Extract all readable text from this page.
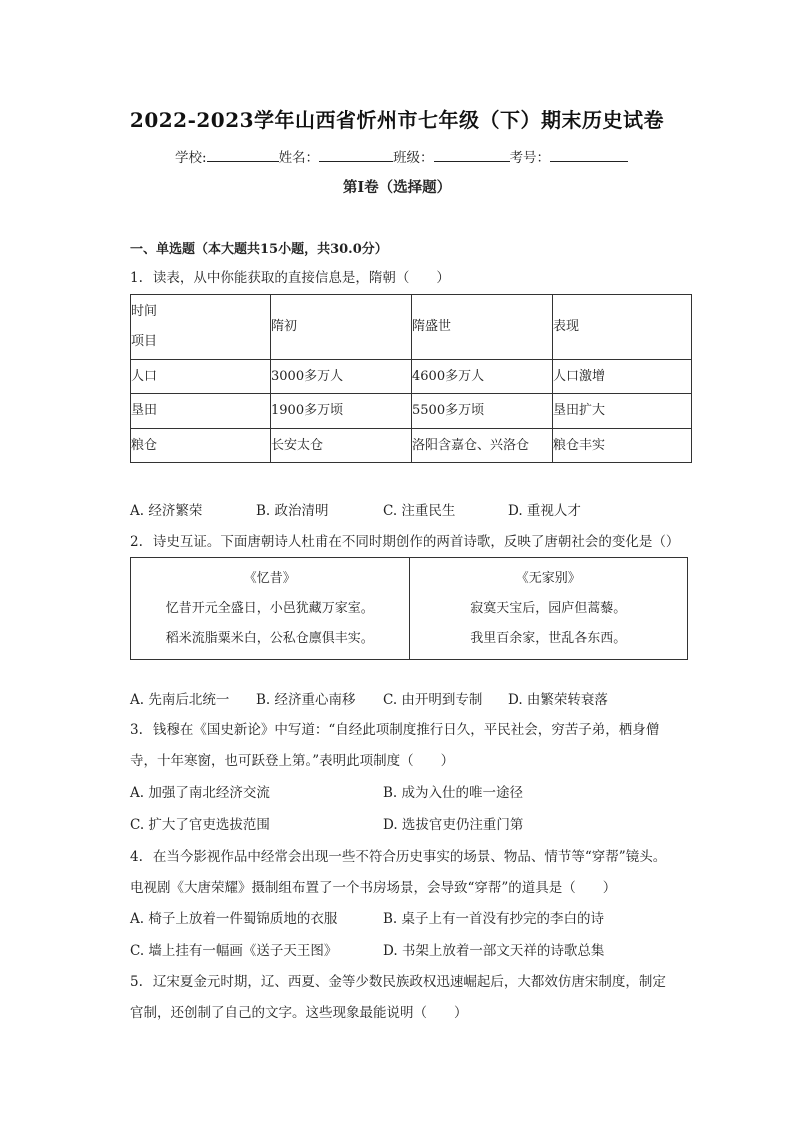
2022-2023学年山西省忻州市七年级（下）期末历史试卷
学校:	姓名：	班级：	考号：
第Ⅰ卷（选择题）
一、单选题（本大题共15小题，共30.0分）
1. 读表，从中你能获取的直接信息是，隋朝（　　）
时间
项目	隋初	隋盛世	表现
人口	3000多万人	4600多万人	人口激增
垦田	1900多万顷	5500多万顷	垦田扩大
粮仓	长安太仓	洛阳含嘉仓、兴洛仓	粮仓丰实
A. 经济繁荣	B. 政治清明	C. 注重民生	D. 重视人才
2. 诗史互证。下面唐朝诗人杜甫在不同时期创作的两首诗歌，反映了唐朝社会的变化是（）
《忆昔》
忆昔开元全盛日，小邑犹藏万家室。
稻米流脂粟米白，公私仓廪俱丰实。

《无家别》
寂寞天宝后，园庐但蒿藜。
我里百余家，世乱各东西。
A. 先南后北统一 B. 经济重心南移 C. 由开明到专制 D. 由繁荣转衰落
3. 钱穆在《国史新论》中写道：“自经此项制度推行日久，平民社会，穷苦子弟，栖身僧
寺，十年寒窗，也可跃登上第。”表明此项制度（　　）
A. 加强了南北经济交流	B. 成为入仕的唯一途径
C. 扩大了官吏选拔范围	D. 选拔官吏仍注重门第
4. 在当今影视作品中经常会出现一些不符合历史事实的场景、物品、情节等“穿帮”镜头。
电视剧《大唐荣耀》摄制组布置了一个书房场景，会导致“穿帮”的道具是（　　）
A. 椅子上放着一件蜀锦质地的衣服	B. 桌子上有一首没有抄完的李白的诗
C. 墙上挂有一幅画《送子天王图》	D. 书架上放着一部文天祥的诗歌总集
5. 辽宋夏金元时期，辽、西夏、金等少数民族政权迅速崛起后，大都效仿唐宋制度，制定
官制，还创制了自己的文字。这些现象最能说明（　　）
